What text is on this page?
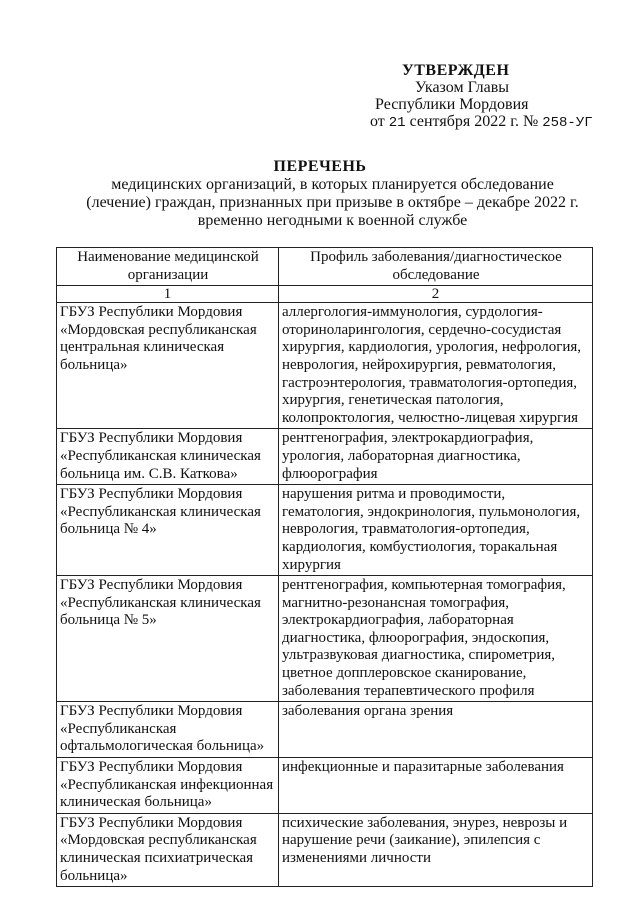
УТВЕРЖДЕН
Указом Главы
Республики Мордовия
от 21 сентября 2022 г. № 258-УГ
ПЕРЕЧЕНЬ
медицинских организаций, в которых планируется обследование (лечение) граждан, признанных при призыве в октябре – декабре 2022 г. временно негодными к военной службе
Наименование медицинской организации	Профиль заболевания/диагностическое обследование
1	2
ГБУЗ Республики Мордовия «Мордовская республиканская центральная клиническая больница»	аллергология-иммунология, сурдология-оториноларингология, сердечно-сосудистая хирургия, кардиология, урология, нефрология, неврология, нейрохирургия, ревматология, гастроэнтерология, травматология-ортопедия, хирургия, генетическая патология, колопроктология, челюстно-лицевая хирургия
ГБУЗ Республики Мордовия «Республиканская клиническая больница им. С.В. Каткова»	рентгенография, электрокардиография, урология, лабораторная диагностика, флюорография
ГБУЗ Республики Мордовия «Республиканская клиническая больница № 4»	нарушения ритма и проводимости, гематология, эндокринология, пульмонология, неврология, травматология-ортопедия, кардиология, комбустиология, торакальная хирургия
ГБУЗ Республики Мордовия «Республиканская клиническая больница № 5»	рентгенография, компьютерная томография, магнитно-резонансная томография, электрокардиография, лабораторная диагностика, флюорография, эндоскопия, ультразвуковая диагностика, спирометрия, цветное допплеровское сканирование, заболевания терапевтического профиля
ГБУЗ Республики Мордовия «Республиканская офтальмологическая больница»	заболевания органа зрения
ГБУЗ Республики Мордовия «Республиканская инфекционная клиническая больница»	инфекционные и паразитарные заболевания
ГБУЗ Республики Мордовия «Мордовская республиканская клиническая психиатрическая больница»	психические заболевания, энурез, неврозы и нарушение речи (заикание), эпилепсия с изменениями личности
